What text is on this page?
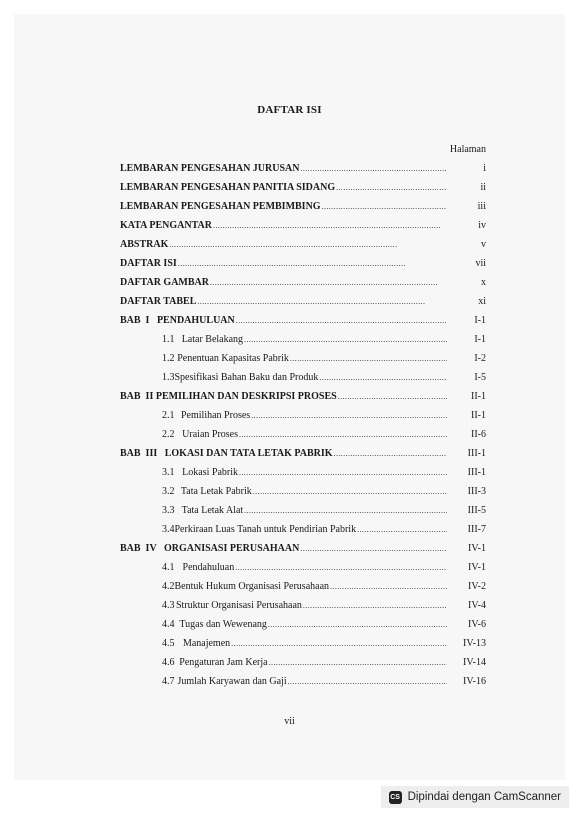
DAFTAR ISI
Halaman
LEMBARAN PENGESAHAN JURUSAN . . .	i
LEMBARAN PENGESAHAN PANITIA SIDANG . . .	ii
LEMBARAN PENGESAHAN PEMBIMBING . . .	iii
KATA PENGANTAR . . .	iv
ABSTRAK . . .	v
DAFTAR ISI . . .	vii
DAFTAR GAMBAR . . .	x
DAFTAR TABEL . . .	xi
BAB  I   PENDAHULUAN . . .	I-1
1.1 Latar Belakang . . .	I-1
1.2 Penentuan Kapasitas Pabrik . . .	I-2
1.3 Spesifikasi Bahan Baku dan Produk . . .	I-5
BAB  II PEMILIHAN DAN DESKRIPSI PROSES . . .	II-1
2.1 Pemilihan Proses . . .	II-1
2.2 Uraian Proses . . .	II-6
BAB  III   LOKASI DAN TATA LETAK PABRIK . . .	III-1
3.1 Lokasi Pabrik . . .	III-1
3.2 Tata Letak Pabrik . . .	III-3
3.3 Tata Letak Alat . . .	III-5
3.4 Perkiraan Luas Tanah untuk Pendirian Pabrik . . .	III-7
BAB  IV   ORGANISASI PERUSAHAAN . . .	IV-1
4.1 Pendahuluan . . .	IV-1
4.2 Bentuk Hukum Organisasi Perusahaan . . .	IV-2
4.3 Struktur Organisasi Perusahaan . . .	IV-4
4.4 Tugas dan Wewenang . . .	IV-6
4.5 Manajemen . . .	IV-13
4.6 Pengaturan Jam Kerja . . .	IV-14
4.7 Jumlah Karyawan dan Gaji . . .	IV-16
vii
CS Dipindai dengan CamScanner
